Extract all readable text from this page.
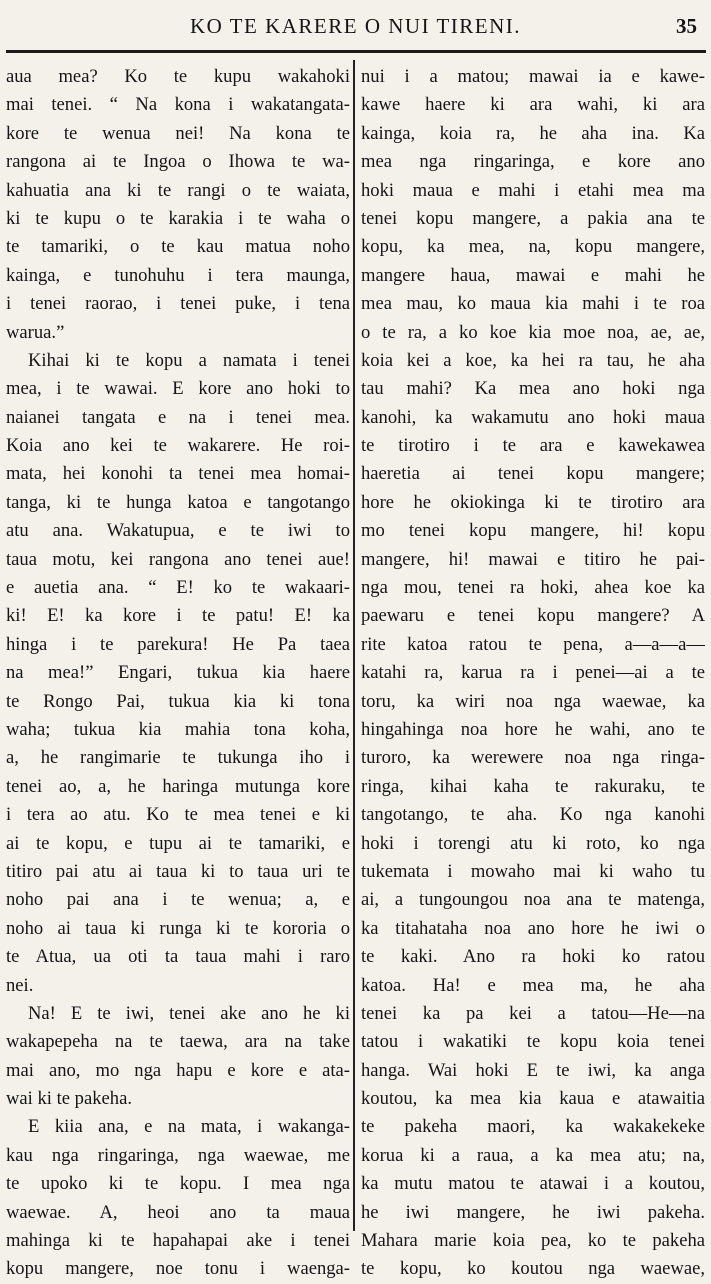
KO TE KARERE O NUI TIRENI.	35
aua mea? Ko te kupu wakahoki
mai tenei. “ Na kona i wakatangata-
kore te wenua nei! Na kona te
rangona ai te Ingoa o Ihowa te wa-
kahuatia ana ki te rangi o te waiata,
ki te kupu o te karakia i te waha o
te tamariki, o te kau matua noho
kainga, e tunohuhu i tera maunga,
i tenei raorao, i tenei puke, i tena
warua.”
Kihai ki te kopu a namata i tenei
mea, i te wawai. E kore ano hoki to
naianei tangata e na i tenei mea.
Koia ano kei te wakarere. He roi-
mata, hei konohi ta tenei mea homai-
tanga, ki te hunga katoa e tangotango
atu ana. Wakatupua, e te iwi to
taua motu, kei rangona ano tenei aue!
e auetia ana. “ E! ko te wakaari-
ki! E! ka kore i te patu! E! ka
hinga i te parekura! He Pa taea
na mea!” Engari, tukua kia haere
te Rongo Pai, tukua kia ki tona
waha; tukua kia mahia tona koha,
a, he rangimarie te tukunga iho i
tenei ao, a, he haringa mutunga kore
i tera ao atu. Ko te mea tenei e ki
ai te kopu, e tupu ai te tamariki, e
titiro pai atu ai taua ki to taua uri te
noho pai ana i te wenua; a, e
noho ai taua ki runga ki te kororia o
te Atua, ua oti ta taua mahi i raro
nei.
Na! E te iwi, tenei ake ano he ki
wakapepeha na te taewa, ara na take
mai ano, mo nga hapu e kore e ata-
wai ki te pakeha.
E kiia ana, e na mata, i wakanga-
kau nga ringaringa, nga waewae, me
te upoko ki te kopu. I mea nga
waewae. A, heoi ano ta maua
mahinga ki te hapahapai ake i tenei
kopu mangere, noe tonu i waenga-
nui i a matou; mawai ia e kawe-
kawe haere ki ara wahi, ki ara
kainga, koia ra, he aha ina. Ka
mea nga ringaringa, e kore ano
hoki maua e mahi i etahi mea ma
tenei kopu mangere, a pakia ana te
kopu, ka mea, na, kopu mangere,
mangere haua, mawai e mahi he
mea mau, ko maua kia mahi i te roa
o te ra, a ko koe kia moe noa, ae, ae,
koia kei a koe, ka hei ra tau, he aha
tau mahi? Ka mea ano hoki nga
kanohi, ka wakamutu ano hoki maua
te tirotiro i te ara e kawekawea
haeretia ai tenei kopu mangere;
hore he okiokinga ki te tirotiro ara
mo tenei kopu mangere, hi! kopu
mangere, hi! mawai e titiro he pai-
nga mou, tenei ra hoki, ahea koe ka
paewaru e tenei kopu mangere? A
rite katoa ratou te pena, a—a—a—
katahi ra, karua ra i penei—ai a te
toru, ka wiri noa nga waewae, ka
hingahinga noa hore he wahi, ano te
turoro, ka werewere noa nga ringa-
ringa, kihai kaha te rakuraku, te
tangotango, te aha. Ko nga kanohi
hoki i torengi atu ki roto, ko nga
tukemata i mowaho mai ki waho tu
ai, a tungoungou noa ana te matenga,
ka titahataha noa ano hore he iwi o
te kaki. Ano ra hoki ko ratou
katoa. Ha! e mea ma, he aha
tenei ka pa kei a tatou—He—na
tatou i wakatiki te kopu koia tenei
hanga. Wai hoki E te iwi, ka anga
koutou, ka mea kia kaua e atawaitia
te pakeha maori, ka wakakekeke
korua ki a raua, a ka mea atu; na,
ka mutu matou te atawai i a koutou,
he iwi mangere, he iwi pakeha.
Mahara marie koia pea, ko te pakeha
te kopu, ko koutou nga waewae,
